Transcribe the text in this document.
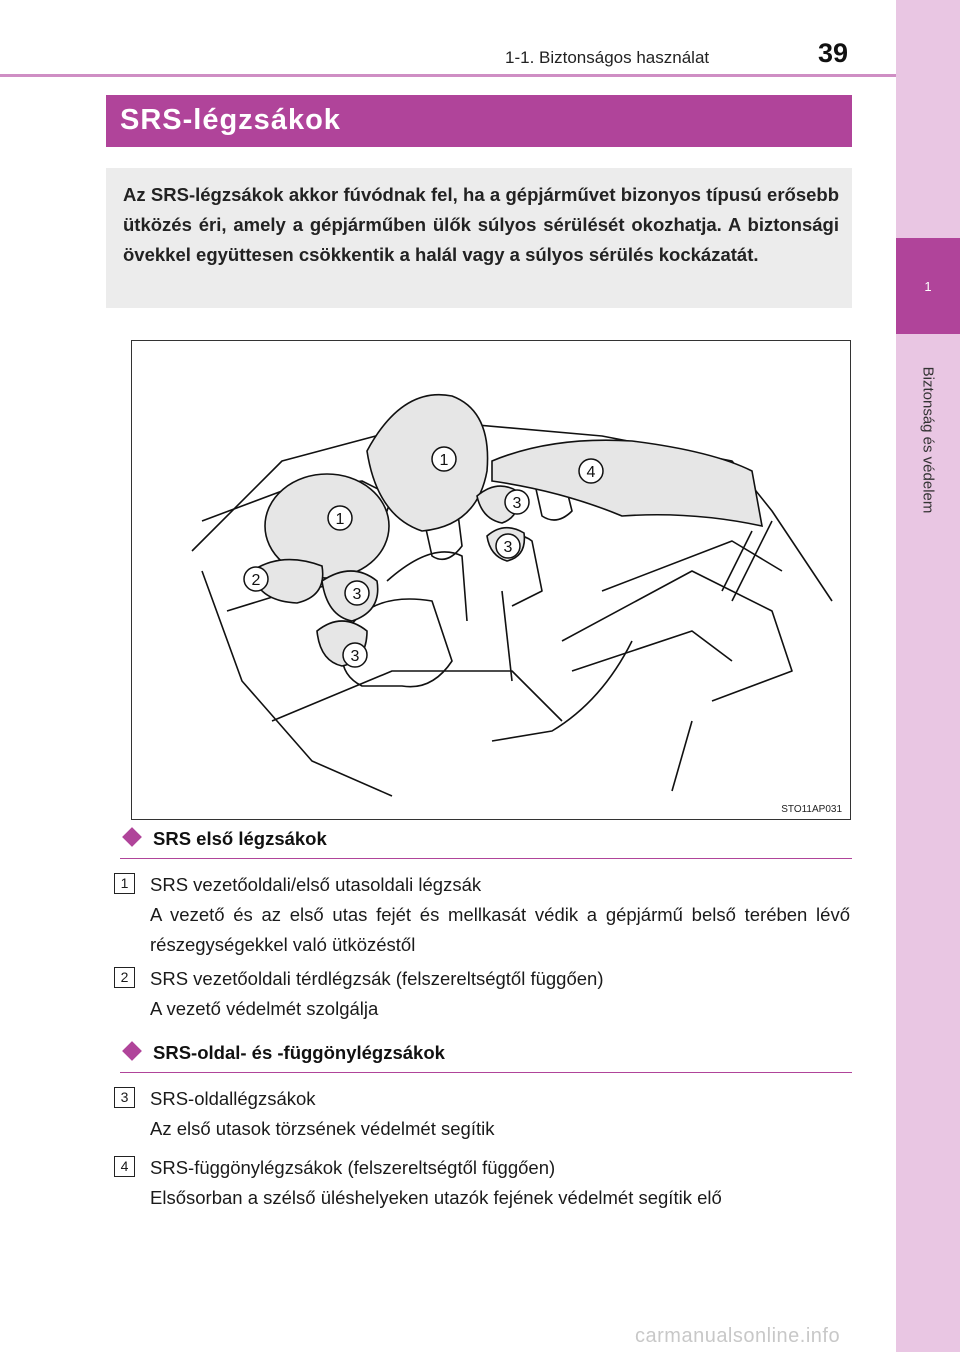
1
Biztonság és védelem
1-1. Biztonságos használat	39
SRS-légzsákok
Az SRS-légzsákok akkor fúvódnak fel, ha a gépjárművet bizonyos típusú erősebb ütközés éri, amely a gépjárműben ülők súlyos sérülését okozhatja. A biztonsági övekkel együttesen csökkentik a halál vagy a súlyos sérülés kockázatát.
1
1
2
3
3
3
3
4
STO11AP031
SRS első légzsákok
1	SRS vezetőoldali/első utasoldali légzsák
A vezető és az első utas fejét és mellkasát védik a gépjármű belső terében lévő részegységekkel való ütközéstől
2	SRS vezetőoldali térdlégzsák (felszereltségtől függően)
A vezető védelmét szolgálja
SRS-oldal- és -függönylégzsákok
3	SRS-oldallégzsákok
Az első utasok törzsének védelmét segítik
4	SRS-függönylégzsákok (felszereltségtől függően)
Elsősorban a szélső üléshelyeken utazók fejének védelmét segítik elő
carmanualsonline.info
